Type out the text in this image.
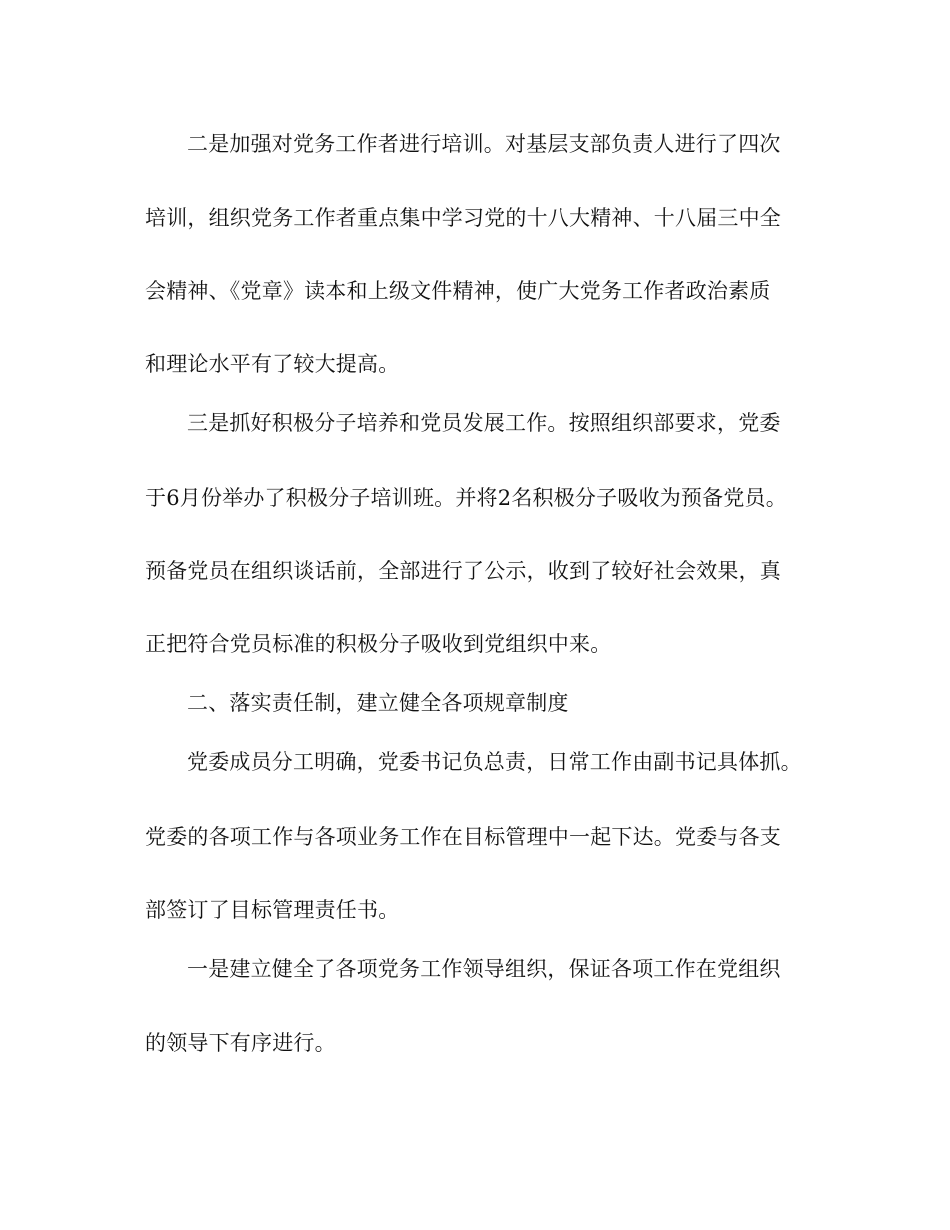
二是加强对党务工作者进行培训。对基层支部负责人进行了四次
培训，组织党务工作者重点集中学习党的十八大精神、十八届三中全
会精神、《党章》读本和上级文件精神，使广大党务工作者政治素质
和理论水平有了较大提高。
三是抓好积极分子培养和党员发展工作。按照组织部要求，党委
于6月份举办了积极分子培训班。并将2名积极分子吸收为预备党员。
预备党员在组织谈话前，全部进行了公示，收到了较好社会效果，真
正把符合党员标准的积极分子吸收到党组织中来。
二、落实责任制，建立健全各项规章制度
党委成员分工明确，党委书记负总责，日常工作由副书记具体抓。
党委的各项工作与各项业务工作在目标管理中一起下达。党委与各支
部签订了目标管理责任书。
一是建立健全了各项党务工作领导组织，保证各项工作在党组织
的领导下有序进行。
